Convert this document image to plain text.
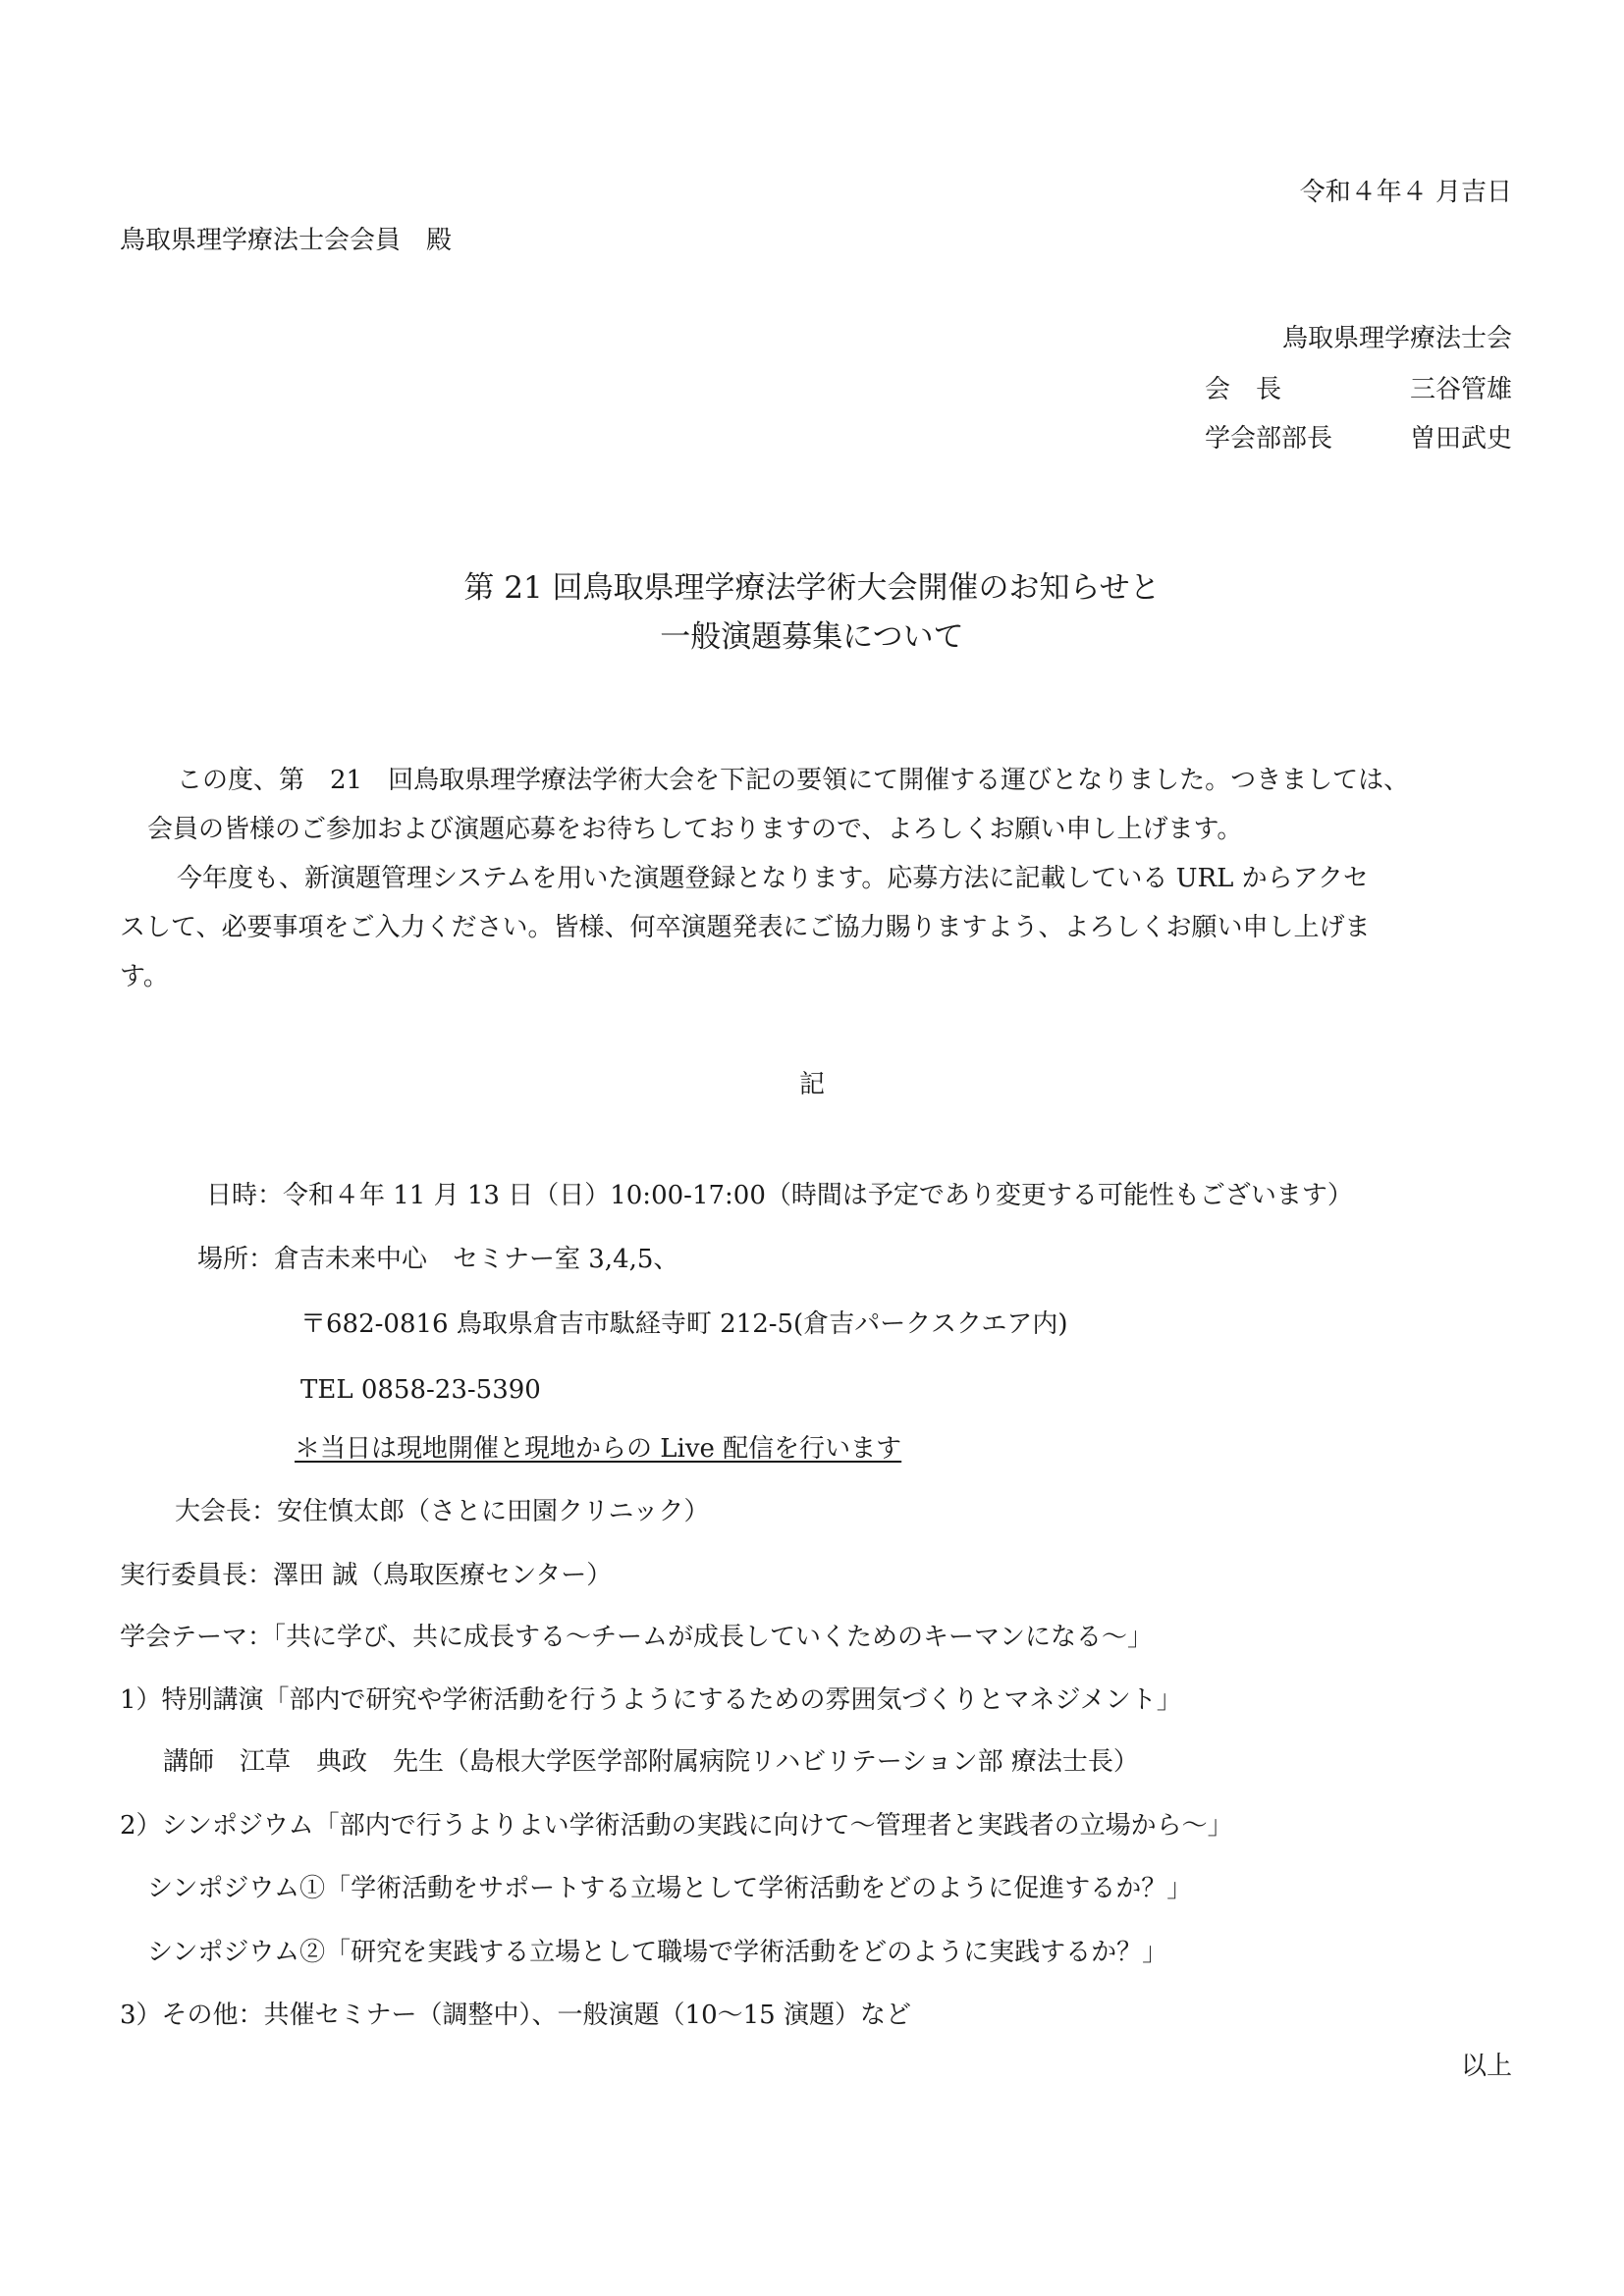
令和４年４ 月吉日
鳥取県理学療法士会会員　殿
鳥取県理学療法士会
会　長	三谷管雄
学会部部長	曽田武史
第 21 回鳥取県理学療法学術大会開催のお知らせと
一般演題募集について

この度、第　21　回鳥取県理学療法学術大会を下記の要領にて開催する運びとなりました。つきましては、

会員の皆様のご参加および演題応募をお待ちしておりますので、よろしくお願い申し上げます。

今年度も、新演題管理システムを用いた演題登録となります。応募方法に記載している URL からアクセ

スして、必要事項をご入力ください。皆様、何卒演題発表にご協力賜りますよう、よろしくお願い申し上げま

す。

記
日時：令和４年 11 月 13 日（日）10:00-17:00（時間は予定であり変更する可能性もございます）
場所：倉吉未来中心　セミナー室 3,4,5、
〒682-0816 鳥取県倉吉市駄経寺町 212-5(倉吉パークスクエア内)
TEL 0858-23-5390
＊当日は現地開催と現地からの Live 配信を行います
大会長：安住慎太郎（さとに田園クリニック）
実行委員長：澤田 誠（鳥取医療センター）
学会テーマ：「共に学び、共に成長する～チームが成長していくためのキーマンになる～」
1）特別講演「部内で研究や学術活動を行うようにするための雰囲気づくりとマネジメント」
講師　江草　典政　先生（島根大学医学部附属病院リハビリテーション部 療法士長）
2）シンポジウム「部内で行うよりよい学術活動の実践に向けて～管理者と実践者の立場から～」
シンポジウム①「学術活動をサポートする立場として学術活動をどのように促進するか？」
シンポジウム②「研究を実践する立場として職場で学術活動をどのように実践するか？」
3）その他：共催セミナー（調整中）、一般演題（10～15 演題）など
以上
